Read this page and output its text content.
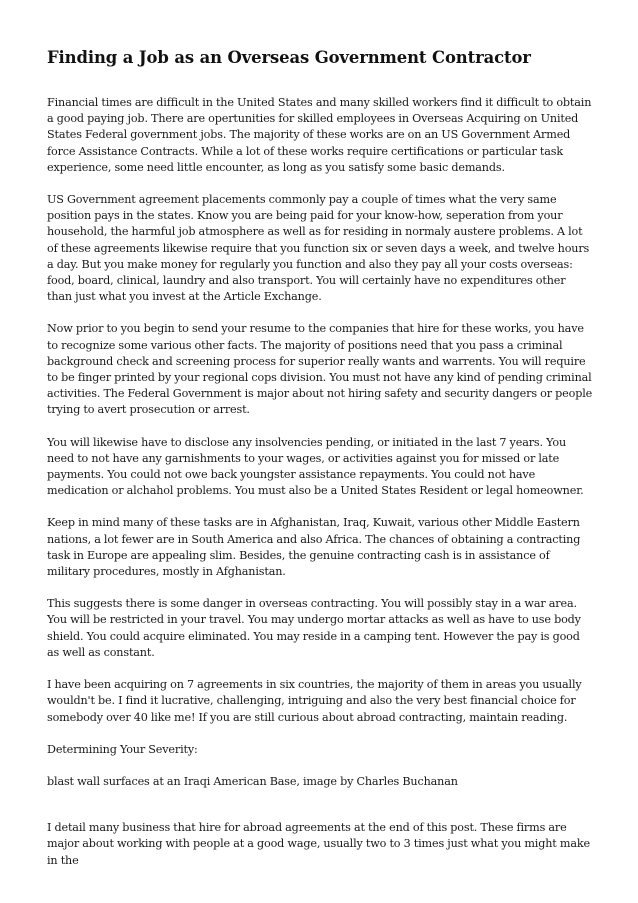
Finding a Job as an Overseas Government Contractor

Financial times are difficult in the United States and many skilled workers find it difficult to obtain a good paying job. There are opertunities for skilled employees in Overseas Acquiring on United States Federal government jobs. The majority of these works are on an US Government Armed force Assistance Contracts. While a lot of these works require certifications or particular task experience, some need little encounter, as long as you satisfy some basic demands.

US Government agreement placements commonly pay a couple of times what the very same position pays in the states. Know you are being paid for your know-how, seperation from your household, the harmful job atmosphere as well as for residing in normaly austere problems. A lot of these agreements likewise require that you function six or seven days a week, and twelve hours a day. But you make money for regularly you function and also they pay all your costs overseas: food, board, clinical, laundry and also transport. You will certainly have no expenditures other than just what you invest at the Article Exchange.

Now prior to you begin to send your resume to the companies that hire for these works, you have to recognize some various other facts. The majority of positions need that you pass a criminal background check and screening process for superior really wants and warrents. You will require to be finger printed by your regional cops division. You must not have any kind of pending criminal activities. The Federal Government is major about not hiring safety and security dangers or people trying to avert prosecution or arrest.

You will likewise have to disclose any insolvencies pending, or initiated in the last 7 years. You need to not have any garnishments to your wages, or activities against you for missed or late payments. You could not owe back youngster assistance repayments. You could not have medication or alchahol problems. You must also be a United States Resident or legal homeowner.

Keep in mind many of these tasks are in Afghanistan, Iraq, Kuwait, various other Middle Eastern nations, a lot fewer are in South America and also Africa. The chances of obtaining a contracting task in Europe are appealing slim. Besides, the genuine contracting cash is in assistance of military procedures, mostly in Afghanistan.

This suggests there is some danger in overseas contracting. You will possibly stay in a war area. You will be restricted in your travel. You may undergo mortar attacks as well as have to use body shield. You could acquire eliminated. You may reside in a camping tent. However the pay is good as well as constant.

I have been acquiring on 7 agreements in six countries, the majority of them in areas you usually wouldn't be. I find it lucrative, challenging, intriguing and also the very best financial choice for somebody over 40 like me! If you are still curious about abroad contracting, maintain reading.

Determining Your Severity:

blast wall surfaces at an Iraqi American Base, image by Charles Buchanan

I detail many business that hire for abroad agreements at the end of this post. These firms are major about working with people at a good wage, usually two to 3 times just what you might make in the
